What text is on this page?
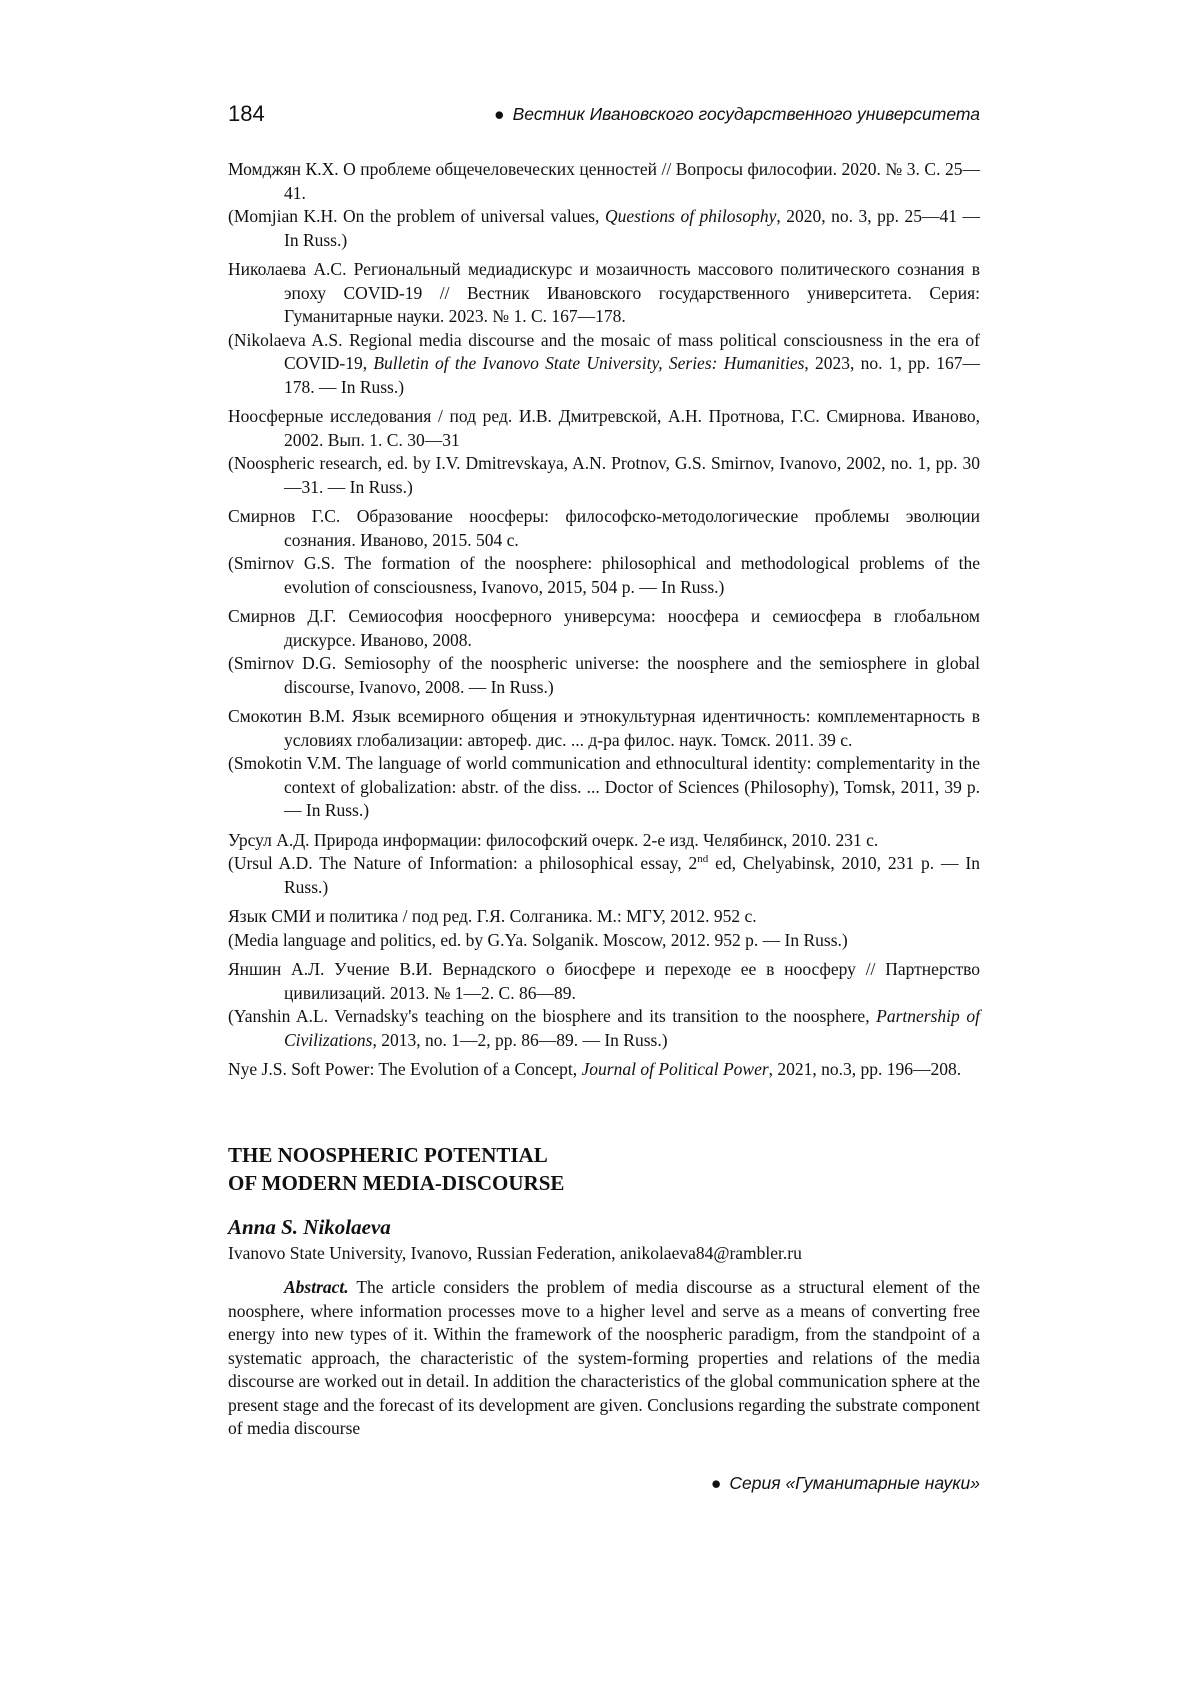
184	● Вестник Ивановского государственного университета

Момджян К.Х. О проблеме общечеловеческих ценностей // Вопросы философии. 2020. № 3. С. 25—41.

(Momjian K.H. On the problem of universal values, Questions of philosophy, 2020, no. 3, pp. 25—41 — In Russ.)

Николаева А.С. Региональный медиадискурс и мозаичность массового политического сознания в эпоху COVID-19 // Вестник Ивановского государственного университета. Серия: Гуманитарные науки. 2023. № 1. С. 167—178.

(Nikolaeva A.S. Regional media discourse and the mosaic of mass political consciousness in the era of COVID-19, Bulletin of the Ivanovo State University, Series: Humanities, 2023, no. 1, pp. 167—178. — In Russ.)

Ноосферные исследования / под ред. И.В. Дмитревской, А.Н. Протнова, Г.С. Смирнова. Иваново, 2002. Вып. 1. С. 30—31

(Noospheric research, ed. by I.V. Dmitrevskaya, A.N. Protnov, G.S. Smirnov, Ivanovo, 2002, no. 1, pp. 30—31. — In Russ.)

Смирнов Г.С. Образование ноосферы: философско-методологические проблемы эволюции сознания. Иваново, 2015. 504 с.

(Smirnov G.S. The formation of the noosphere: philosophical and methodological problems of the evolution of consciousness, Ivanovo, 2015, 504 p. — In Russ.)

Смирнов Д.Г. Семиософия ноосферного универсума: ноосфера и семиосфера в глобальном дискурсе. Иваново, 2008.

(Smirnov D.G. Semiosophy of the noospheric universe: the noosphere and the semiosphere in global discourse, Ivanovo, 2008. — In Russ.)

Смокотин В.М. Язык всемирного общения и этнокультурная идентичность: комплементарность в условиях глобализации: автореф. дис. ... д-ра филос. наук. Томск. 2011. 39 с.

(Smokotin V.M. The language of world communication and ethnocultural identity: complementarity in the context of globalization: abstr. of the diss. ... Doctor of Sciences (Philosophy), Tomsk, 2011, 39 p. — In Russ.)

Урсул А.Д. Природа информации: философский очерк. 2-е изд. Челябинск, 2010. 231 с.

(Ursul A.D. The Nature of Information: a philosophical essay, 2nd ed, Chelyabinsk, 2010, 231 p. — In Russ.)

Язык СМИ и политика / под ред. Г.Я. Солганика. М.: МГУ, 2012. 952 с.

(Media language and politics, ed. by G.Ya. Solganik. Moscow, 2012. 952 p. — In Russ.)

Яншин А.Л. Учение В.И. Вернадского о биосфере и переходе ее в ноосферу // Партнерство цивилизаций. 2013. № 1—2. С. 86—89.

(Yanshin A.L. Vernadsky's teaching on the biosphere and its transition to the noosphere, Partnership of Civilizations, 2013, no. 1—2, pp. 86—89. — In Russ.)

Nye J.S. Soft Power: The Evolution of a Concept, Journal of Political Power, 2021, no.3, pp. 196—208.

THE NOOSPHERIC POTENTIAL
OF MODERN MEDIA-DISCOURSE
Anna S. Nikolaeva
Ivanovo State University, Ivanovo, Russian Federation, anikolaeva84@rambler.ru

Abstract. The article considers the problem of media discourse as a structural element of the noosphere, where information processes move to a higher level and serve as a means of converting free energy into new types of it. Within the framework of the noospheric paradigm, from the standpoint of a systematic approach, the characteristic of the system-forming properties and relations of the media discourse are worked out in detail. In addition the characteristics of the global communication sphere at the present stage and the forecast of its development are given. Conclusions regarding the substrate component of media discourse

● Серия «Гуманитарные науки»
